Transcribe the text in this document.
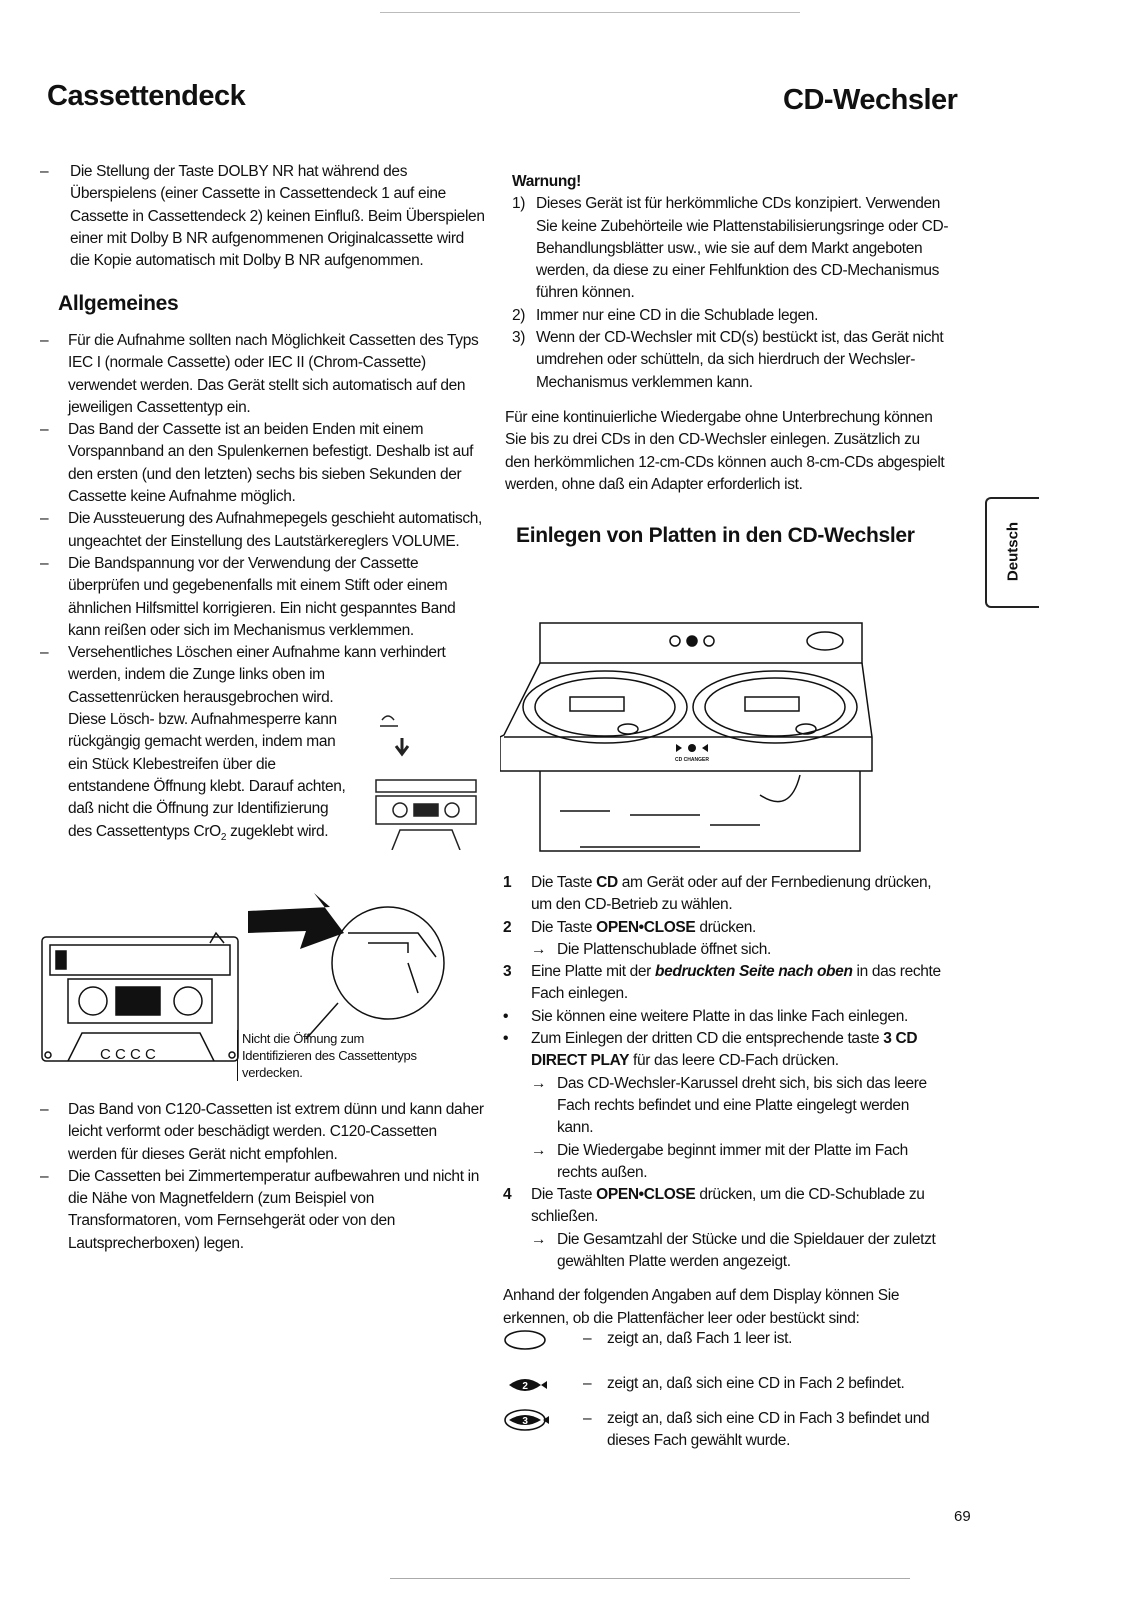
Cassettendeck	CD-Wechsler
– Die Stellung der Taste DOLBY NR hat während des Überspielens (einer Cassette in Cassettendeck 1 auf eine Cassette in Cassettendeck 2) keinen Einfluß. Beim Überspielen einer mit Dolby B NR aufgenommenen Originalcassette wird die Kopie automatisch mit Dolby B NR aufgenommen.
Allgemeines
– Für die Aufnahme sollten nach Möglichkeit Cassetten des Typs IEC I (normale Cassette) oder IEC II (Chrom-Cassette) verwendet werden. Das Gerät stellt sich automatisch auf den jeweiligen Cassettentyp ein.
– Das Band der Cassette ist an beiden Enden mit einem Vorspannband an den Spulenkernen befestigt. Deshalb ist auf den ersten (und den letzten) sechs bis sieben Sekunden der Cassette keine Aufnahme möglich.
– Die Aussteuerung des Aufnahmepegels geschieht automatisch, ungeachtet der Einstellung des Lautstärkereglers VOLUME.
– Die Bandspannung vor der Verwendung der Cassette überprüfen und gegebenenfalls mit einem Stift oder einem ähnlichen Hilfsmittel korrigieren. Ein nicht gespanntes Band kann reißen oder sich im Mechanismus verklemmen.
– Versehentliches Löschen einer Aufnahme kann verhindert
werden, indem die Zunge links oben im
Cassettenrücken herausgebrochen wird.
Diese Lösch- bzw. Aufnahmesperre kann
rückgängig gemacht werden, indem man
ein Stück Klebestreifen über die
entstandene Öffnung klebt. Darauf achten,
daß nicht die Öffnung zur Identifizierung
des Cassettentyps CrO$_2$ zugeklebt wird.
C C C C
Nicht die Öffnung zum
Identifizieren des Cassettentyps
verdecken.
– Das Band von C120-Cassetten ist extrem dünn und kann daher leicht verformt oder beschädigt werden. C120-Cassetten werden für dieses Gerät nicht empfohlen.
– Die Cassetten bei Zimmertemperatur aufbewahren und nicht in die Nähe von Magnetfeldern (zum Beispiel von Transformatoren, vom Fernsehgerät oder von den Lautsprecherboxen) legen.
Warnung!
1) Dieses Gerät ist für herkömmliche CDs konzipiert. Verwenden Sie keine Zubehörteile wie Plattenstabilisierungsringe oder CD-Behandlungsblätter usw., wie sie auf dem Markt angeboten werden, da diese zu einer Fehlfunktion des CD-Mechanismus führen können.
2) Immer nur eine CD in die Schublade legen.
3) Wenn der CD-Wechsler mit CD(s) bestückt ist, das Gerät nicht umdrehen oder schütteln, da sich hierdruch der Wechsler-Mechanismus verklemmen kann.
Für eine kontinuierliche Wiedergabe ohne Unterbrechung können Sie bis zu drei CDs in den CD-Wechsler einlegen. Zusätzlich zu den herkömmlichen 12-cm-CDs können auch 8-cm-CDs abgespielt werden, ohne daß ein Adapter erforderlich ist.
Einlegen von Platten in den CD-Wechsler
CD CHANGER
1 Die Taste CD am Gerät oder auf der Fernbedienung drücken, um den CD-Betrieb zu wählen.
2 Die Taste OPEN•CLOSE drücken.
→ Die Plattenschublade öffnet sich.
3 Eine Platte mit der bedruckten Seite nach oben in das rechte Fach einlegen.
• Sie können eine weitere Platte in das linke Fach einlegen.
• Zum Einlegen der dritten CD die entsprechende taste 3 CD DIRECT PLAY für das leere CD-Fach drücken.
→ Das CD-Wechsler-Karussel dreht sich, bis sich das leere Fach rechts befindet und eine Platte eingelegt werden kann.
→ Die Wiedergabe beginnt immer mit der Platte im Fach rechts außen.
4 Die Taste OPEN•CLOSE drücken, um die CD-Schublade zu schließen.
→ Die Gesamtzahl der Stücke und die Spieldauer der zuletzt gewählten Platte werden angezeigt.
Anhand der folgenden Angaben auf dem Display können Sie erkennen, ob die Plattenfächer leer oder bestückt sind:
– zeigt an, daß Fach 1 leer ist.
2	– zeigt an, daß sich eine CD in Fach 2 befindet.
3	– zeigt an, daß sich eine CD in Fach 3 befindet und dieses Fach gewählt wurde.
Deutsch
69
